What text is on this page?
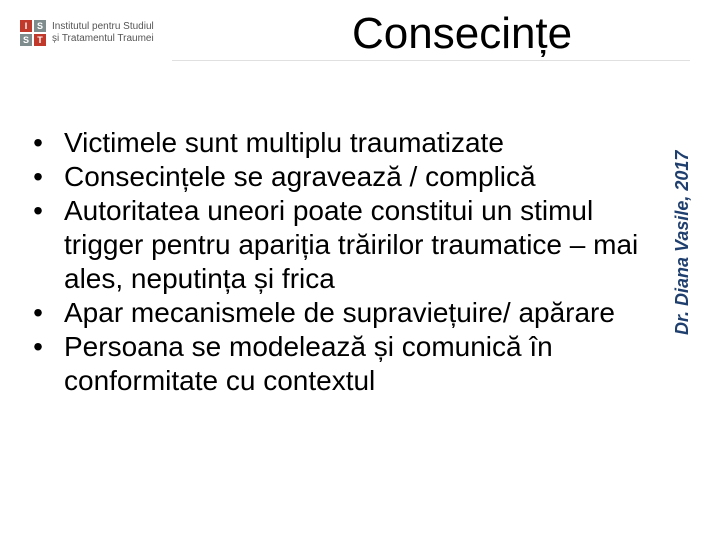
I	S
S T
Institutul pentru Studiul
și Tratamentul Traumei	Consecințe
Dr. Diana Vasile, 2017
• Victimele sunt multiplu traumatizate
• Consecințele se agravează / complică
• Autoritatea uneori poate constitui un stimul trigger pentru apariția trăirilor traumatice – mai ales, neputința și frica
• Apar mecanismele de supraviețuire/ apărare
• Persoana se modelează și comunică în conformitate cu contextul
